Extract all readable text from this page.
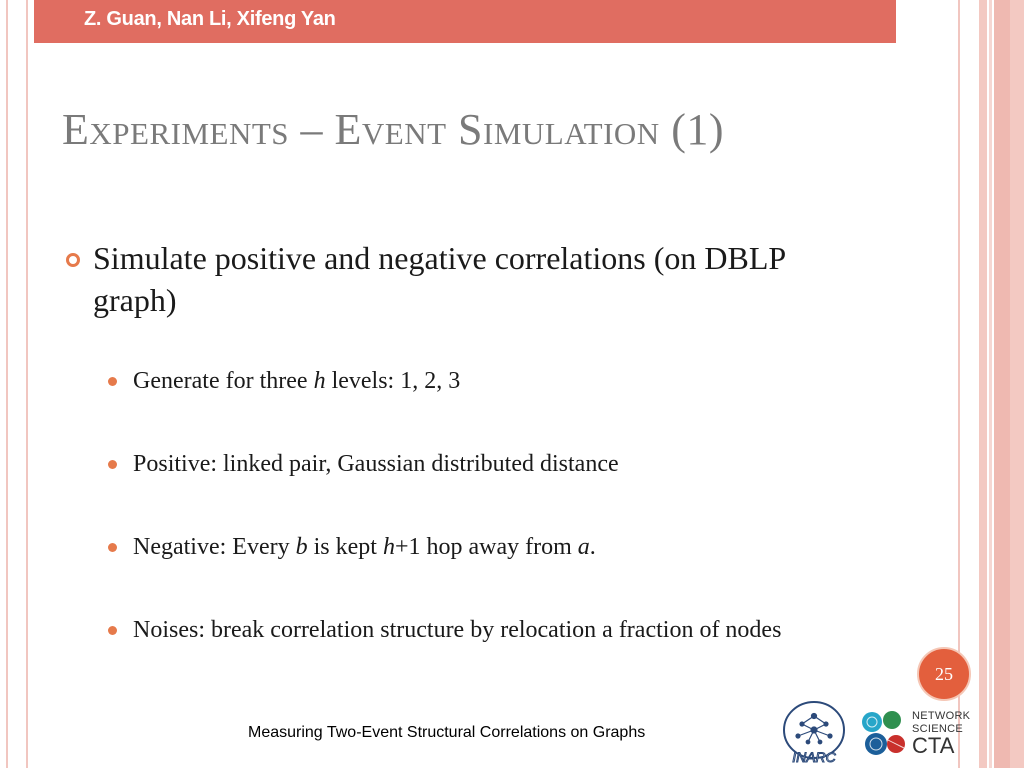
Z. Guan, Nan Li, Xifeng Yan
Experiments – Event Simulation (1)
Simulate positive and negative correlations (on DBLP graph)
Generate for three h levels: 1, 2, 3
Positive: linked pair, Gaussian distributed distance
Negative: Every b is kept h+1 hop away from a.
Noises: break correlation structure by relocation a fraction of nodes
25
Measuring Two-Event Structural Correlations on Graphs
INARC
NETWORK
SCIENCE
CTA
